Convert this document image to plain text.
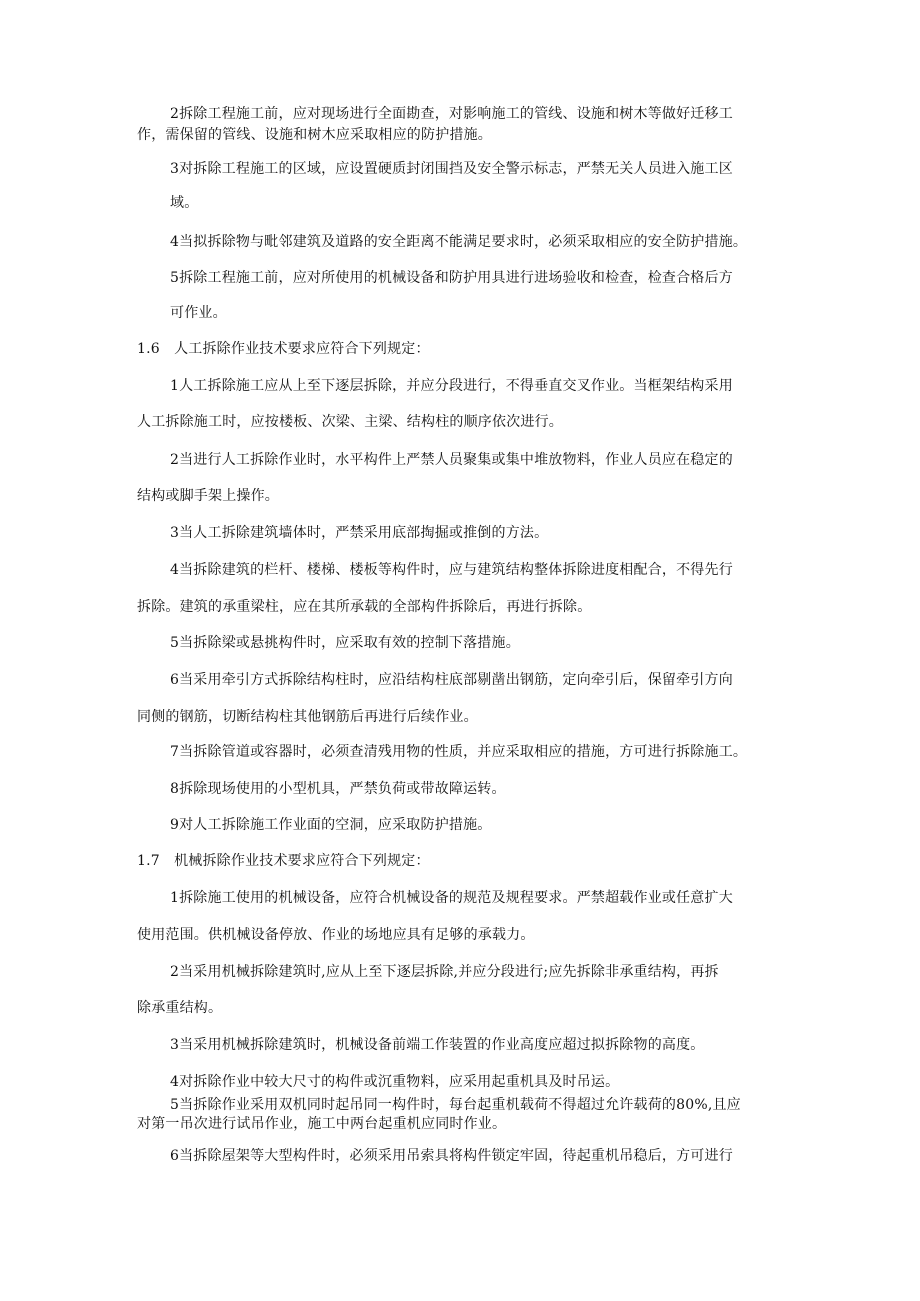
2拆除工程施工前，应对现场进行全面勘查，对影响施工的管线、设施和树木等做好迁移工
作，需保留的管线、设施和树木应采取相应的防护措施。
3对拆除工程施工的区域，应设置硬质封闭围挡及安全警示标志，严禁无关人员进入施工区
域。
4当拟拆除物与毗邻建筑及道路的安全距离不能满足要求时，必须采取相应的安全防护措施。
5拆除工程施工前，应对所使用的机械设备和防护用具进行进场验收和检查，检查合格后方
可作业。
1.6　人工拆除作业技术要求应符合下列规定：
1人工拆除施工应从上至下逐层拆除，并应分段进行，不得垂直交叉作业。当框架结构采用
人工拆除施工时，应按楼板、次梁、主梁、结构柱的顺序依次进行。
2当进行人工拆除作业时，水平构件上严禁人员聚集或集中堆放物料，作业人员应在稳定的
结构或脚手架上操作。
3当人工拆除建筑墙体时，严禁采用底部掏掘或推倒的方法。
4当拆除建筑的栏杆、楼梯、楼板等构件时，应与建筑结构整体拆除进度相配合，不得先行
拆除。建筑的承重梁柱，应在其所承载的全部构件拆除后，再进行拆除。
5当拆除梁或悬挑构件时，应采取有效的控制下落措施。
6当采用牵引方式拆除结构柱时，应沿结构柱底部剔凿出钢筋，定向牵引后，保留牵引方向
同侧的钢筋，切断结构柱其他钢筋后再进行后续作业。
7当拆除管道或容器时，必须查清残用物的性质，并应采取相应的措施，方可进行拆除施工。
8拆除现场使用的小型机具，严禁负荷或带故障运转。
9对人工拆除施工作业面的空洞，应采取防护措施。
1.7　机械拆除作业技术要求应符合下列规定：
1拆除施工使用的机械设备，应符合机械设备的规范及规程要求。严禁超载作业或任意扩大
使用范围。供机械设备停放、作业的场地应具有足够的承载力。
2当采用机械拆除建筑时,应从上至下逐层拆除,并应分段进行;应先拆除非承重结构，再拆
除承重结构。
3当采用机械拆除建筑时，机械设备前端工作装置的作业高度应超过拟拆除物的高度。
4对拆除作业中较大尺寸的构件或沉重物料，应采用起重机具及时吊运。
5当拆除作业采用双机同时起吊同一构件时，每台起重机载荷不得超过允许载荷的80%,且应
对第一吊次进行试吊作业，施工中两台起重机应同时作业。
6当拆除屋架等大型构件时，必须采用吊索具将构件锁定牢固，待起重机吊稳后，方可进行
